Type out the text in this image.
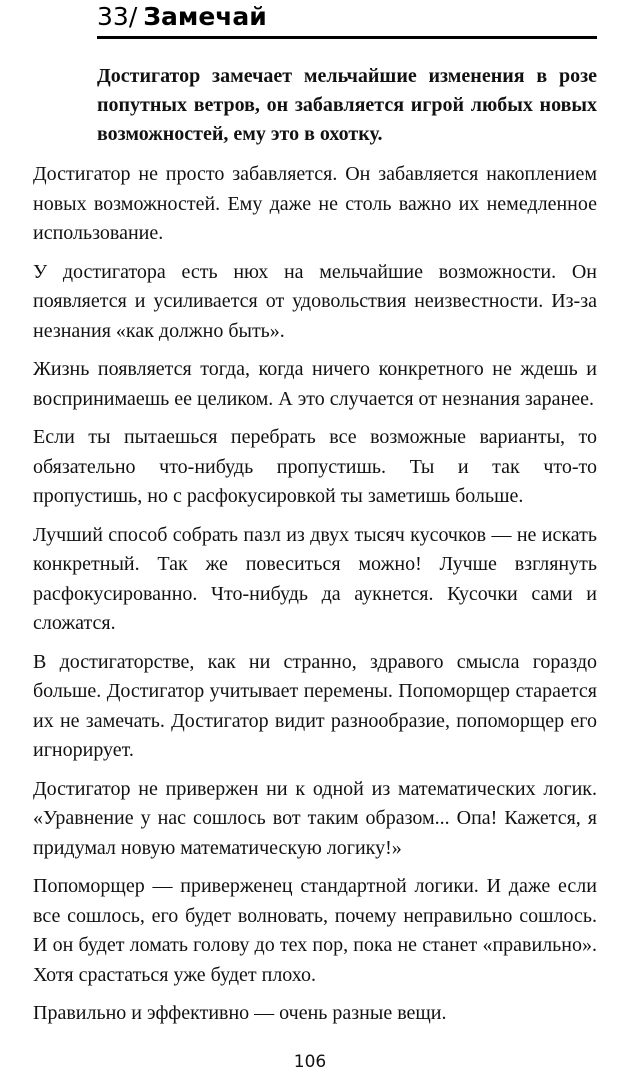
33/ Замечай
Достигатор замечает мельчайшие изменения в розе попутных ветров, он забавляется игрой любых новых возможностей, ему это в охотку.

Достигатор не просто забавляется. Он забавляется накоплением новых возможностей. Ему даже не столь важно их немедленное использование.

У достигатора есть нюх на мельчайшие возможности. Он появляется и усиливается от удовольствия неизвестности. Из-за незнания «как должно быть».

Жизнь появляется тогда, когда ничего конкретного не ждешь и воспринимаешь ее целиком. А это случается от незнания заранее.

Если ты пытаешься перебрать все возможные варианты, то обязательно что-нибудь пропустишь. Ты и так что-то пропустишь, но с расфокусировкой ты заметишь больше.

Лучший способ собрать пазл из двух тысяч кусочков — не искать конкретный. Так же повеситься можно! Лучше взглянуть расфокусированно. Что-нибудь да аукнется. Кусочки сами и сложатся.

В достигаторстве, как ни странно, здравого смысла гораздо больше. Достигатор учитывает перемены. Попоморщер старается их не замечать. Достигатор видит разнообразие, попоморщер его игнорирует.

Достигатор не привержен ни к одной из математических логик. «Уравнение у нас сошлось вот таким образом... Опа! Кажется, я придумал новую математическую логику!»

Попоморщер — приверженец стандартной логики. И даже если все сошлось, его будет волновать, почему неправильно сошлось. И он будет ломать голову до тех пор, пока не станет «правильно». Хотя срастаться уже будет плохо.

Правильно и эффективно — очень разные вещи.

106
